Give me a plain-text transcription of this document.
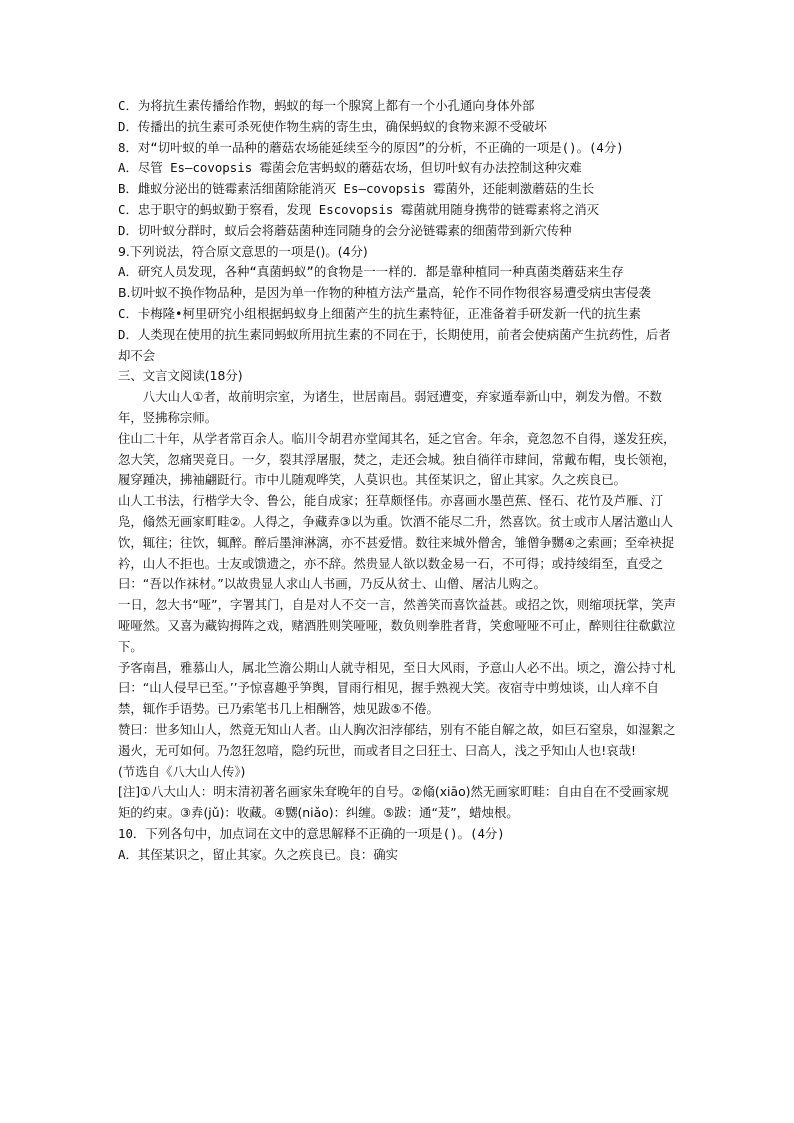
C．为将抗生素传播给作物，蚂蚁的每一个腺窝上都有一个小孔通向身体外部

D．传播出的抗生素可杀死使作物生病的寄生虫，确保蚂蚁的食物来源不受破坏

8．对“切叶蚁的单一品种的蘑菇农场能延续至今的原因”的分析，不正确的一项是()。(4分)

A．尽管 Es—covopsis 霉菌会危害蚂蚁的蘑菇农场，但切叶蚁有办法控制这种灾难

B．雌蚁分泌出的链霉素活细菌除能消灭 Es—covopsis 霉菌外，还能刺激蘑菇的生长

C．忠于职守的蚂蚁勤于察看，发现 Escovopsis 霉菌就用随身携带的链霉素将之消灭

D．切叶蚁分群时，蚁后会将蘑菇菌种连同随身的会分泌链霉素的细菌带到新穴传种

9.下列说法，符合原文意思的一项是()。(4分)

A．研究人员发现，各种“真菌蚂蚁”的食物是一一样的．都是靠种植同一种真菌类蘑菇来生存

B.切叶蚁不换作物品种，是因为单一作物的种植方法产量高，轮作不同作物很容易遭受病虫害侵袭

C．卡梅隆•柯里研究小组根据蚂蚁身上细菌产生的抗生素特征，正准备着手研发新一代的抗生素

D．人类现在使用的抗生素同蚂蚁所用抗生素的不同在于，长期使用，前者会使病菌产生抗药性，后者却不会

三、文言文阅读(18分)

八大山人①者，故前明宗室，为诸生，世居南昌。弱冠遭变，弃家遁奉新山中，剃发为僧。不数年，竖拂称宗师。

住山二十年，从学者常百余人。临川令胡君亦堂闻其名，延之官舍。年余，竟忽忽不自得，遂发狂疾，忽大笑，忽痛哭竟日。一夕，裂其浮屠服，焚之，走还会城。独自徜徉市肆间，常戴布帽，曳长领袍，履穿踵决，拂袖翩跹行。市中儿随观哗笑，人莫识也。其侄某识之，留止其家。久之疾良已。

山人工书法，行楷学大令、鲁公，能自成家；狂草颇怪伟。亦喜画水墨芭蕉、怪石、花竹及芦雁、汀凫，翛然无画家町畦②。人得之，争藏弆③以为重。饮酒不能尽二升，然喜饮。贫士或市人屠沽邀山人饮，辄往；往饮，辄醉。醉后墨渖淋漓，亦不甚爱惜。数往来城外僧舍，雏僧争嬲④之索画；至牵袂捉衿，山人不拒也。士友或馈遗之，亦不辞。然贵显人欲以数金易一石，不可得；或持绫绢至，直受之曰：“吾以作袜材。”以故贵显人求山人书画，乃反从贫士、山僧、屠沽儿购之。

一日，忽大书“哑”，字署其门，自是对人不交一言，然善笑而喜饮益甚。或招之饮，则缩项抚掌，笑声哑哑然。又喜为藏钩拇阵之戏，赌酒胜则笑哑哑，数负则拳胜者背，笑愈哑哑不可止，醉则往往欷歔泣下。

予客南昌，雅慕山人，属北竺澹公期山人就寺相见，至日大风雨，予意山人必不出。顷之，澹公持寸札曰：“山人侵早已至。’’予惊喜趣乎笋舆，冒雨行相见，握手熟视大笑。夜宿寺中剪烛谈，山人痒不自禁，辄作手语势。已乃索笔书几上相酬答，烛见跋⑤不倦。

赞曰：世多知山人，然竟无知山人者。山人胸次汩浡郁结，别有不能自解之故，如巨石窒泉，如湿絮之遏火，无可如何。乃忽狂忽喑，隐约玩世，而或者目之曰狂士、曰高人，浅之乎知山人也!哀哉!

(节选自《八大山人传》)

[注]①八大山人：明末清初著名画家朱耷晚年的自号。②翛(xiāo)然无画家町畦：自由自在不受画家规矩的约束。③弆(jǔ)：收藏。④嬲(niǎo)：纠缠。⑤跋：通“茇”，蜡烛根。

10．下列各句中，加点词在文中的意思解释不正确的一项是()。(4分)

A．其侄某识之，留止其家。久之疾良已。良：确实
